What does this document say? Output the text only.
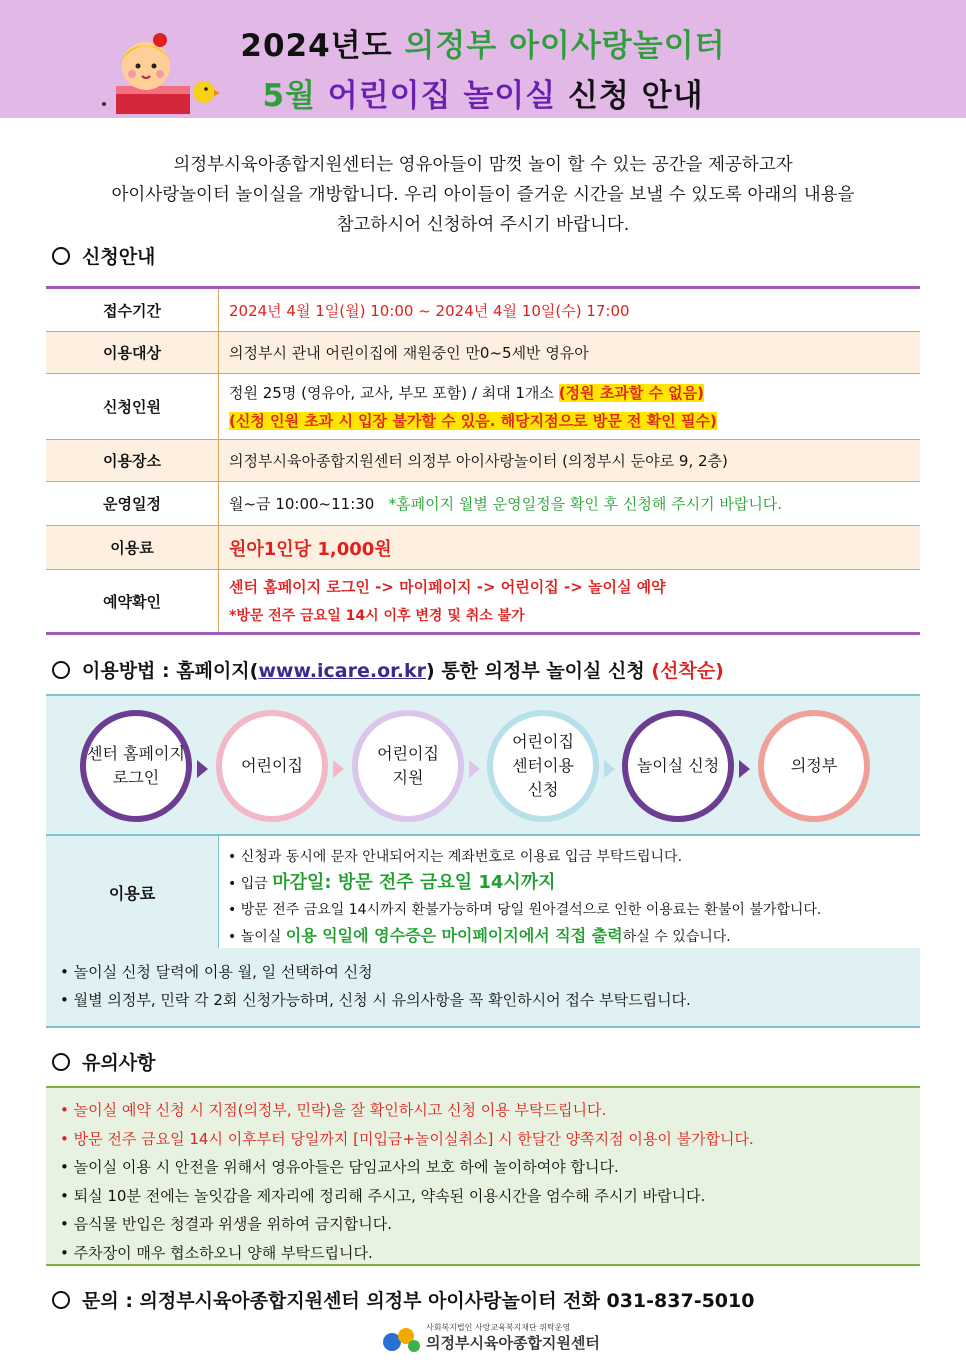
2024년도 의정부 아이사랑놀이터
5월 어린이집 놀이실 신청 안내
의정부시육아종합지원센터는 영유아들이 맘껏 놀이 할 수 있는 공간을 제공하고자
아이사랑놀이터 놀이실을 개방합니다. 우리 아이들이 즐거운 시간을 보낼 수 있도록 아래의 내용을
참고하시어 신청하여 주시기 바랍니다.
신청안내
접수기간	2024년 4월 1일(월) 10:00 ~ 2024년 4월 10일(수) 17:00
이용대상	의정부시 관내 어린이집에 재원중인 만0~5세반 영유아
신청인원	정원 25명 (영유아, 교사, 부모 포함) / 최대 1개소 (정원 초과할 수 없음)
(신청 인원 초과 시 입장 불가할 수 있음. 해당지점으로 방문 전 확인 필수)
이용장소	의정부시육아종합지원센터 의정부 아이사랑놀이터 (의정부시 둔야로 9, 2층)
운영일정	월~금 10:00~11:30 *홈페이지 월별 운영일정을 확인 후 신청해 주시기 바랍니다.
이용료	원아1인당 1,000원
예약확인	센터 홈페이지 로그인 -> 마이페이지 -> 어린이집 -> 놀이실 예약
*방문 전주 금요일 14시 이후 변경 및 취소 불가
이용방법 : 홈페이지(www.icare.or.kr) 통한 의정부 놀이실 신청 (선착순)
센터 홈페이지
로그인
어린이집
어린이집
지원
어린이집
센터이용
신청
놀이실 신청	의정부
이용료
• 신청과 동시에 문자 안내되어지는 계좌번호로 이용료 입금 부탁드립니다.
• 입금 마감일: 방문 전주 금요일 14시까지
• 방문 전주 금요일 14시까지 환불가능하며 당일 원아결석으로 인한 이용료는 환불이 불가합니다.
• 놀이실 이용 익일에 영수증은 마이페이지에서 직접 출력하실 수 있습니다.
• 놀이실 신청 달력에 이용 월, 일 선택하여 신청
• 월별 의정부, 민락 각 2회 신청가능하며, 신청 시 유의사항을 꼭 확인하시어 접수 부탁드립니다.
유의사항
• 놀이실 예약 신청 시 지점(의정부, 민락)을 잘 확인하시고 신청 이용 부탁드립니다.
• 방문 전주 금요일 14시 이후부터 당일까지 [미입금+놀이실취소] 시 한달간 양쪽지점 이용이 불가합니다.
• 놀이실 이용 시 안전을 위해서 영유아들은 담임교사의 보호 하에 놀이하여야 합니다.
• 퇴실 10분 전에는 놀잇감을 제자리에 정리해 주시고, 약속된 이용시간을 엄수해 주시기 바랍니다.
• 음식물 반입은 청결과 위생을 위하여 금지합니다.
• 주차장이 매우 협소하오니 양해 부탁드립니다.
문의 : 의정부시육아종합지원센터 의정부 아이사랑놀이터 전화 031-837-5010
사회복지법인 사랑교육복지재단 위탁운영
의정부시육아종합지원센터
